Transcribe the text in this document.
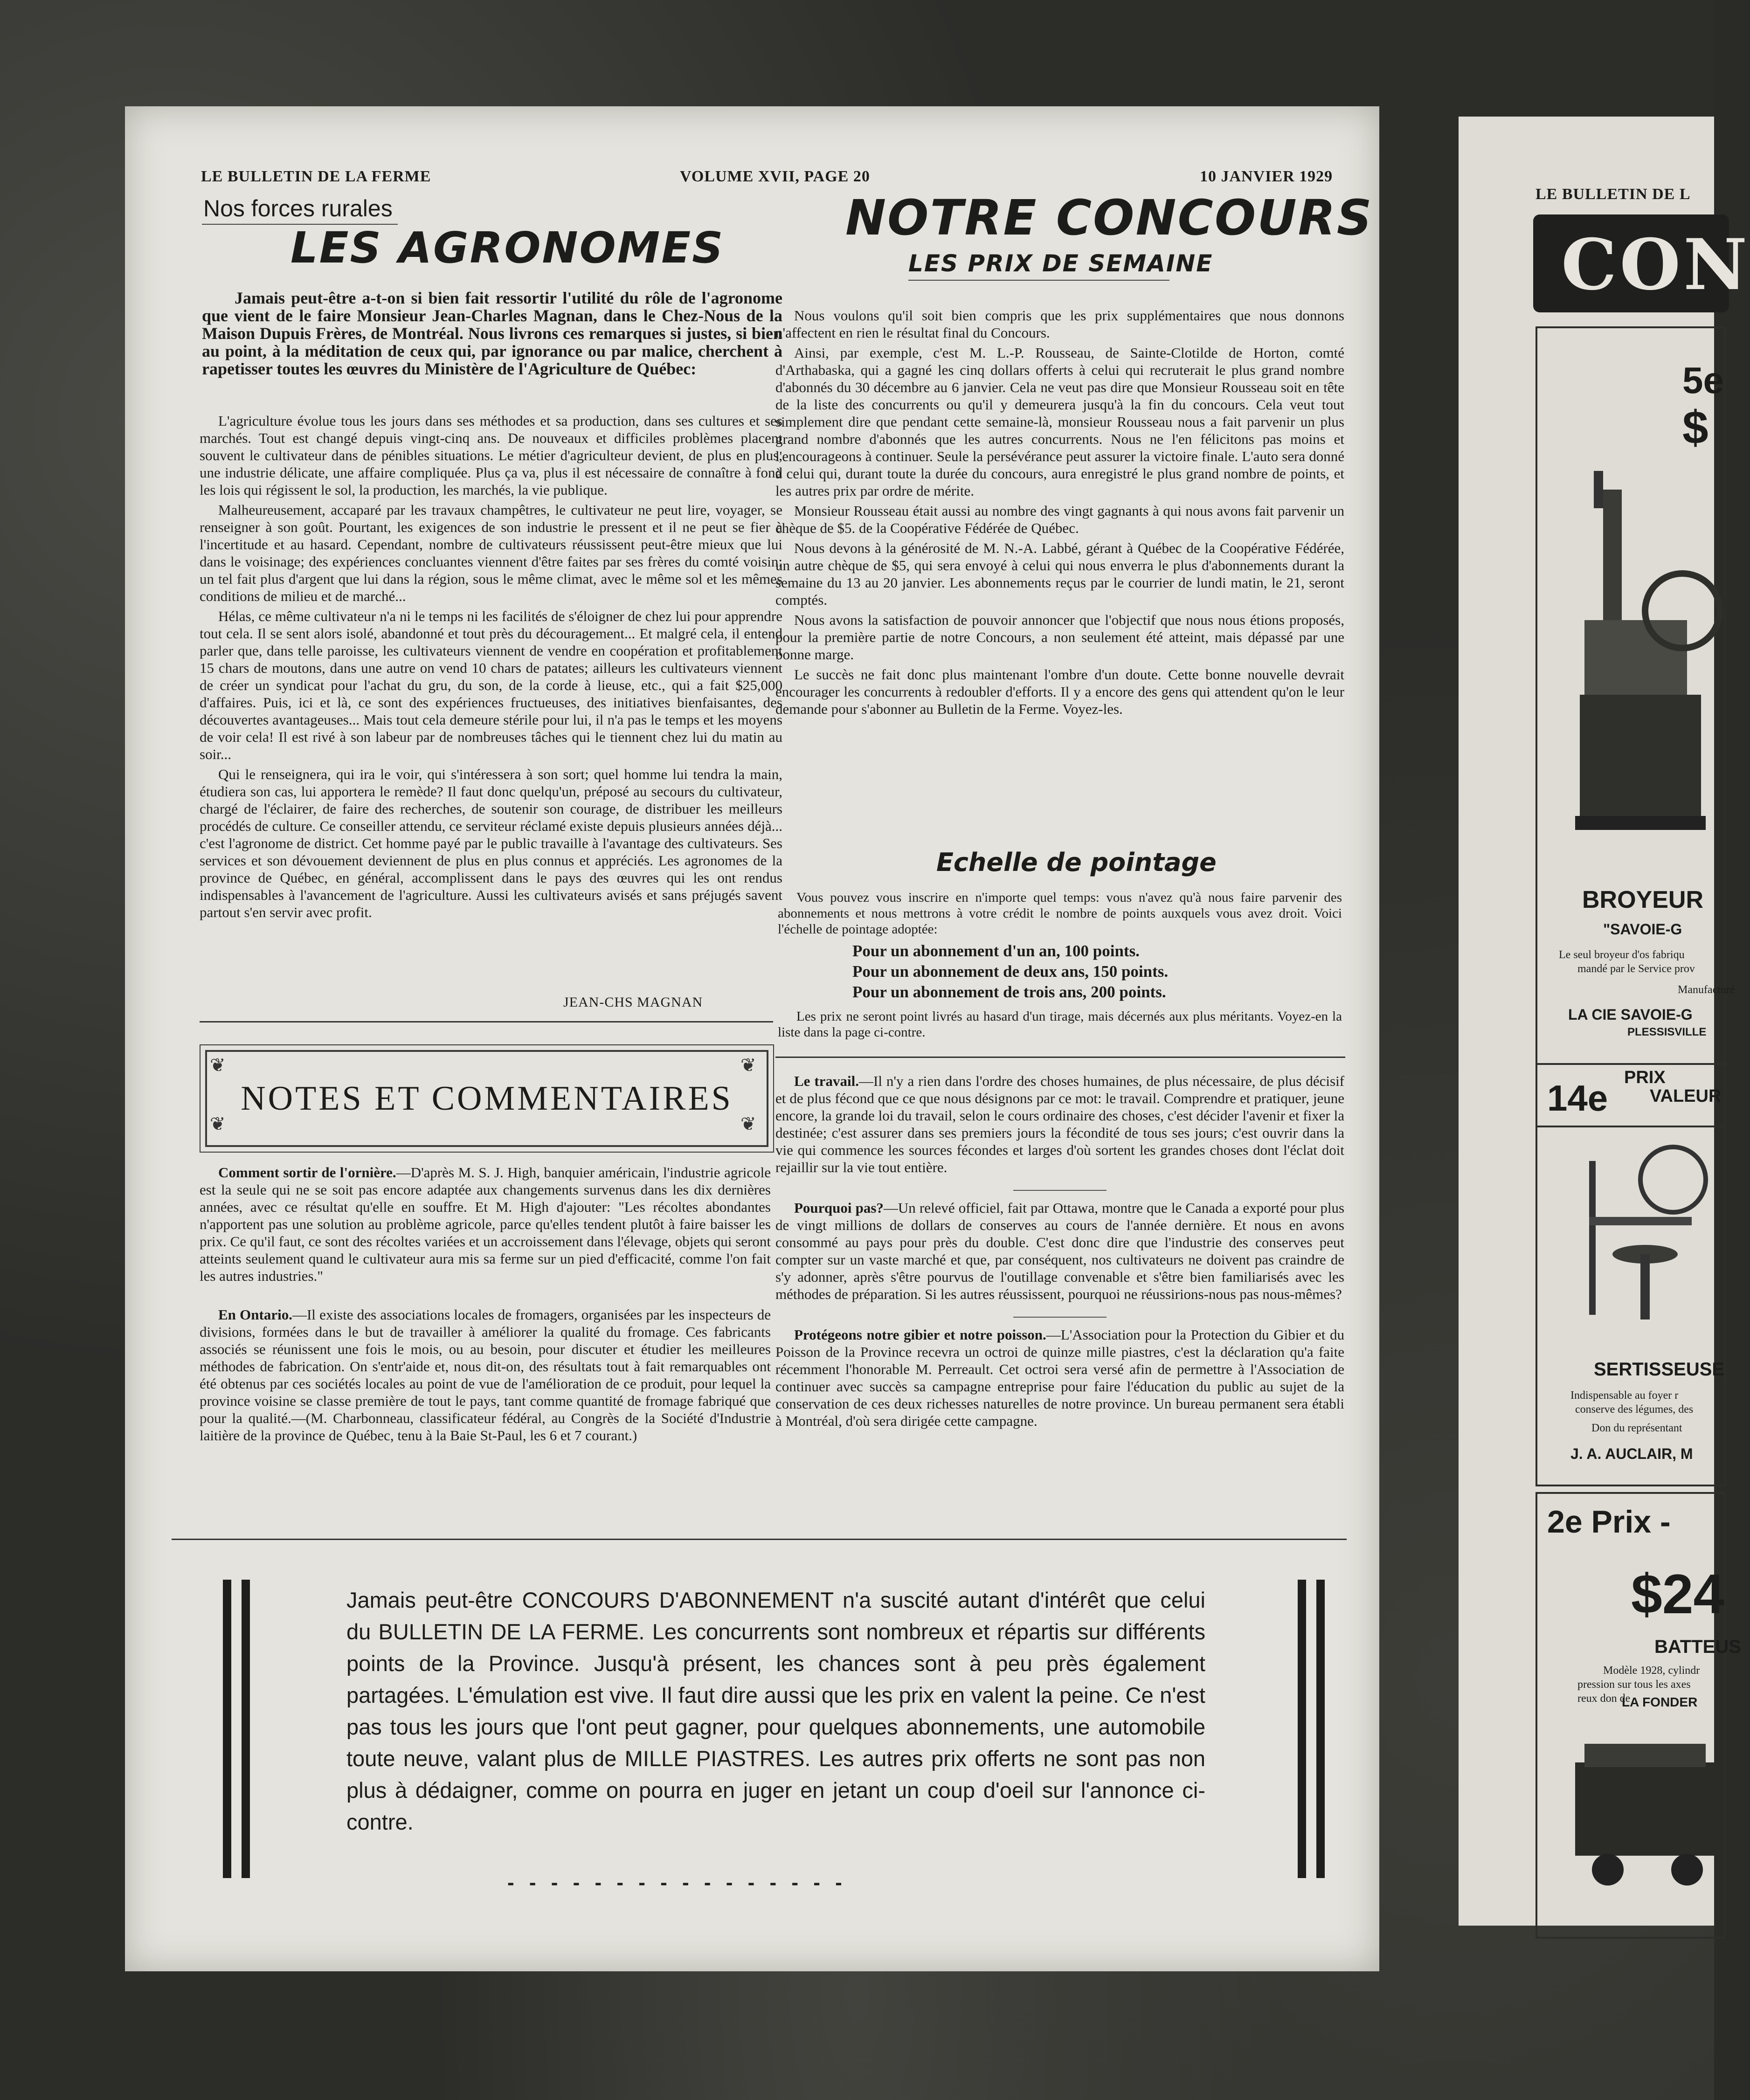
LE BULLETIN DE LA FERME	VOLUME XVII, PAGE 20	10 JANVIER 1929
Nos forces rurales
LES AGRONOMES
Jamais peut-être a-t-on si bien fait ressortir l'utilité du rôle de l'agronome que vient de le faire Monsieur Jean-Charles Magnan, dans le Chez-Nous de la Maison Dupuis Frères, de Montréal. Nous livrons ces remarques si justes, si bien au point, à la méditation de ceux qui, par ignorance ou par malice, cherchent à rapetisser toutes les œuvres du Ministère de l'Agriculture de Québec:

L'agriculture évolue tous les jours dans ses méthodes et sa production, dans ses cultures et ses marchés. Tout est changé depuis vingt-cinq ans. De nouveaux et difficiles problèmes placent souvent le cultivateur dans de pénibles situations. Le métier d'agriculteur devient, de plus en plus, une industrie délicate, une affaire compliquée. Plus ça va, plus il est nécessaire de connaître à fond les lois qui régissent le sol, la production, les marchés, la vie publique.

Malheureusement, accaparé par les travaux champêtres, le cultivateur ne peut lire, voyager, se renseigner à son goût. Pourtant, les exigences de son industrie le pressent et il ne peut se fier à l'incertitude et au hasard. Cependant, nombre de cultivateurs réussissent peut-être mieux que lui dans le voisinage; des expériences concluantes viennent d'être faites par ses frères du comté voisin; un tel fait plus d'argent que lui dans la région, sous le même climat, avec le même sol et les mêmes conditions de milieu et de marché...

Hélas, ce même cultivateur n'a ni le temps ni les facilités de s'éloigner de chez lui pour apprendre tout cela. Il se sent alors isolé, abandonné et tout près du découragement... Et malgré cela, il entend parler que, dans telle paroisse, les cultivateurs viennent de vendre en coopération et profitablement 15 chars de moutons, dans une autre on vend 10 chars de patates; ailleurs les cultivateurs viennent de créer un syndicat pour l'achat du gru, du son, de la corde à lieuse, etc., qui a fait $25,000 d'affaires. Puis, ici et là, ce sont des expériences fructueuses, des initiatives bienfaisantes, des découvertes avantageuses... Mais tout cela demeure stérile pour lui, il n'a pas le temps et les moyens de voir cela! Il est rivé à son labeur par de nombreuses tâches qui le tiennent chez lui du matin au soir...

Qui le renseignera, qui ira le voir, qui s'intéressera à son sort; quel homme lui tendra la main, étudiera son cas, lui apportera le remède? Il faut donc quelqu'un, préposé au secours du cultivateur, chargé de l'éclairer, de faire des recherches, de soutenir son courage, de distribuer les meilleurs procédés de culture. Ce conseiller attendu, ce serviteur réclamé existe depuis plusieurs années déjà... c'est l'agronome de district. Cet homme payé par le public travaille à l'avantage des cultivateurs. Ses services et son dévouement deviennent de plus en plus connus et appréciés. Les agronomes de la province de Québec, en général, accomplissent dans le pays des œuvres qui les ont rendus indispensables à l'avancement de l'agriculture. Aussi les cultivateurs avisés et sans préjugés savent partout s'en servir avec profit.

JEAN-CHS MAGNAN
NOTRE CONCOURS
LES PRIX DE SEMAINE

Nous voulons qu'il soit bien compris que les prix supplémentaires que nous donnons n'affectent en rien le résultat final du Concours.

Ainsi, par exemple, c'est M. L.-P. Rousseau, de Sainte-Clotilde de Horton, comté d'Arthabaska, qui a gagné les cinq dollars offerts à celui qui recruterait le plus grand nombre d'abonnés du 30 décembre au 6 janvier. Cela ne veut pas dire que Monsieur Rousseau soit en tête de la liste des concurrents ou qu'il y demeurera jusqu'à la fin du concours. Cela veut tout simplement dire que pendant cette semaine-là, monsieur Rousseau nous a fait parvenir un plus grand nombre d'abonnés que les autres concurrents. Nous ne l'en félicitons pas moins et l'encourageons à continuer. Seule la persévérance peut assurer la victoire finale. L'auto sera donné à celui qui, durant toute la durée du concours, aura enregistré le plus grand nombre de points, et les autres prix par ordre de mérite.

Monsieur Rousseau était aussi au nombre des vingt gagnants à qui nous avons fait parvenir un chèque de $5. de la Coopérative Fédérée de Québec.

Nous devons à la générosité de M. N.-A. Labbé, gérant à Québec de la Coopérative Fédérée, un autre chèque de $5, qui sera envoyé à celui qui nous enverra le plus d'abonnements durant la semaine du 13 au 20 janvier. Les abonnements reçus par le courrier de lundi matin, le 21, seront comptés.

Nous avons la satisfaction de pouvoir annoncer que l'objectif que nous nous étions proposés, pour la première partie de notre Concours, a non seulement été atteint, mais dépassé par une bonne marge.

Le succès ne fait donc plus maintenant l'ombre d'un doute. Cette bonne nouvelle devrait encourager les concurrents à redoubler d'efforts. Il y a encore des gens qui attendent qu'on le leur demande pour s'abonner au Bulletin de la Ferme. Voyez-les.

Echelle de pointage

Vous pouvez vous inscrire en n'importe quel temps: vous n'avez qu'à nous faire parvenir des abonnements et nous mettrons à votre crédit le nombre de points auxquels vous avez droit. Voici l'échelle de pointage adoptée:

Pour un abonnement d'un an, 100 points.
Pour un abonnement de deux ans, 150 points.
Pour un abonnement de trois ans, 200 points.

Les prix ne seront point livrés au hasard d'un tirage, mais décernés aux plus méritants. Voyez-en la liste dans la page ci-contre.

NOTES ET COMMENTAIRES
❦	❦
❦	❦

Comment sortir de l'ornière.—D'après M. S. J. High, banquier américain, l'industrie agricole est la seule qui ne se soit pas encore adaptée aux changements survenus dans les dix dernières années, avec ce résultat qu'elle en souffre. Et M. High d'ajouter: "Les récoltes abondantes n'apportent pas une solution au problème agricole, parce qu'elles tendent plutôt à faire baisser les prix. Ce qu'il faut, ce sont des récoltes variées et un accroissement dans l'élevage, objets qui seront atteints seulement quand le cultivateur aura mis sa ferme sur un pied d'efficacité, comme l'on fait les autres industries."

En Ontario.—Il existe des associations locales de fromagers, organisées par les inspecteurs de divisions, formées dans le but de travailler à améliorer la qualité du fromage. Ces fabricants associés se réunissent une fois le mois, ou au besoin, pour discuter et étudier les meilleures méthodes de fabrication. On s'entr'aide et, nous dit-on, des résultats tout à fait remarquables ont été obtenus par ces sociétés locales au point de vue de l'amélioration de ce produit, pour lequel la province voisine se classe première de tout le pays, tant comme quantité de fromage fabriqué que pour la qualité.—(M. Charbonneau, classificateur fédéral, au Congrès de la Société d'Industrie laitière de la province de Québec, tenu à la Baie St-Paul, les 6 et 7 courant.)

Le travail.—Il n'y a rien dans l'ordre des choses humaines, de plus nécessaire, de plus décisif et de plus fécond que ce que nous désignons par ce mot: le travail. Comprendre et pratiquer, jeune encore, la grande loi du travail, selon le cours ordinaire des choses, c'est décider l'avenir et fixer la destinée; c'est assurer dans ses premiers jours la fécondité de tous ses jours; c'est ouvrir dans la vie qui commence les sources fécondes et larges d'où sortent les grandes choses dont l'éclat doit rejaillir sur la vie tout entière.

Pourquoi pas?—Un relevé officiel, fait par Ottawa, montre que le Canada a exporté pour plus de vingt millions de dollars de conserves au cours de l'année dernière. Et nous en avons consommé au pays pour près du double. C'est donc dire que l'industrie des conserves peut compter sur un vaste marché et que, par conséquent, nos cultivateurs ne doivent pas craindre de s'y adonner, après s'être pourvus de l'outillage convenable et s'être bien familiarisés avec les méthodes de préparation. Si les autres réussissent, pourquoi ne réussirions-nous pas nous-mêmes?

Protégeons notre gibier et notre poisson.—L'Association pour la Protection du Gibier et du Poisson de la Province recevra un octroi de quinze mille piastres, c'est la déclaration qu'a faite récemment l'honorable M. Perreault. Cet octroi sera versé afin de permettre à l'Association de continuer avec succès sa campagne entreprise pour faire l'éducation du public au sujet de la conservation de ces deux richesses naturelles de notre province. Un bureau permanent sera établi à Montréal, d'où sera dirigée cette campagne.

Jamais peut-être CONCOURS D'ABONNEMENT n'a suscité autant d'intérêt que celui du BULLETIN DE LA FERME. Les concurrents sont nombreux et répartis sur différents points de la Province. Jusqu'à présent, les chances sont à peu près également partagées. L'émulation est vive. Il faut dire aussi que les prix en valent la peine. Ce n'est pas tous les jours que l'ont peut gagner, pour quelques abonnements, une automobile toute neuve, valant plus de MILLE PIASTRES. Les autres prix offerts ne sont pas non plus à dédaigner, comme on pourra en juger en jetant un coup d'oeil sur l'annonce ci-contre.
- - - - - - - - - - - - - - - -
LE BULLETIN DE L
CON
5e
$
BROYEUR
"SAVOIE-G
Le seul broyeur d'os fabriqu
mandé par le Service prov
Manufacturé
LA CIE SAVOIE-G
PLESSISVILLE
14e PRIX
VALEUR
SERTISSEUSE
Indispensable au foyer r
conserve des légumes, des
Don du représentant
J. A. AUCLAIR, M
2e Prix -
$24
BATTEUS
Modèle 1928, cylindr
pression sur tous les axes
reux don de
LA FONDER
